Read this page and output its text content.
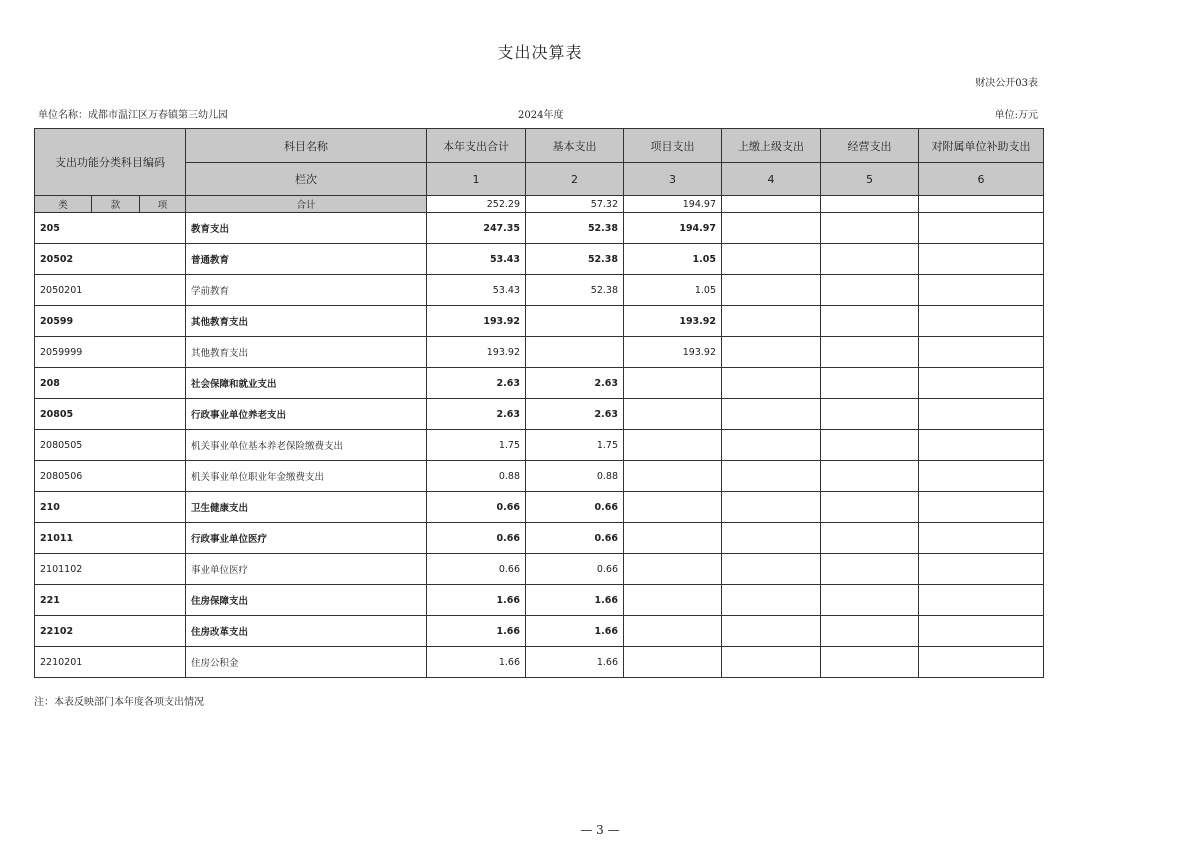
支出决算表
财决公开03表
单位名称：成都市温江区万春镇第三幼儿园	2024年度	单位:万元
支出功能分类科目编码			科目名称	本年支出合计	基本支出	项目支出	上缴上级支出	经营支出	对附属单位补助支出
			栏次	1	2	3	4	5	6
类	款	项	合计	252.29	57.32	194.97			
205			教育支出	247.35	52.38	194.97			
20502			普通教育	53.43	52.38	1.05			
2050201			学前教育	53.43	52.38	1.05			
20599			其他教育支出	193.92		193.92			
2059999			其他教育支出	193.92		193.92			
208			社会保障和就业支出	2.63	2.63				
20805			行政事业单位养老支出	2.63	2.63				
2080505			机关事业单位基本养老保险缴费支出	1.75	1.75				
2080506			机关事业单位职业年金缴费支出	0.88	0.88				
210			卫生健康支出	0.66	0.66				
21011			行政事业单位医疗	0.66	0.66				
2101102			事业单位医疗	0.66	0.66				
221			住房保障支出	1.66	1.66				
22102			住房改革支出	1.66	1.66				
2210201			住房公积金	1.66	1.66				
注：本表反映部门本年度各项支出情况
— 3 —
